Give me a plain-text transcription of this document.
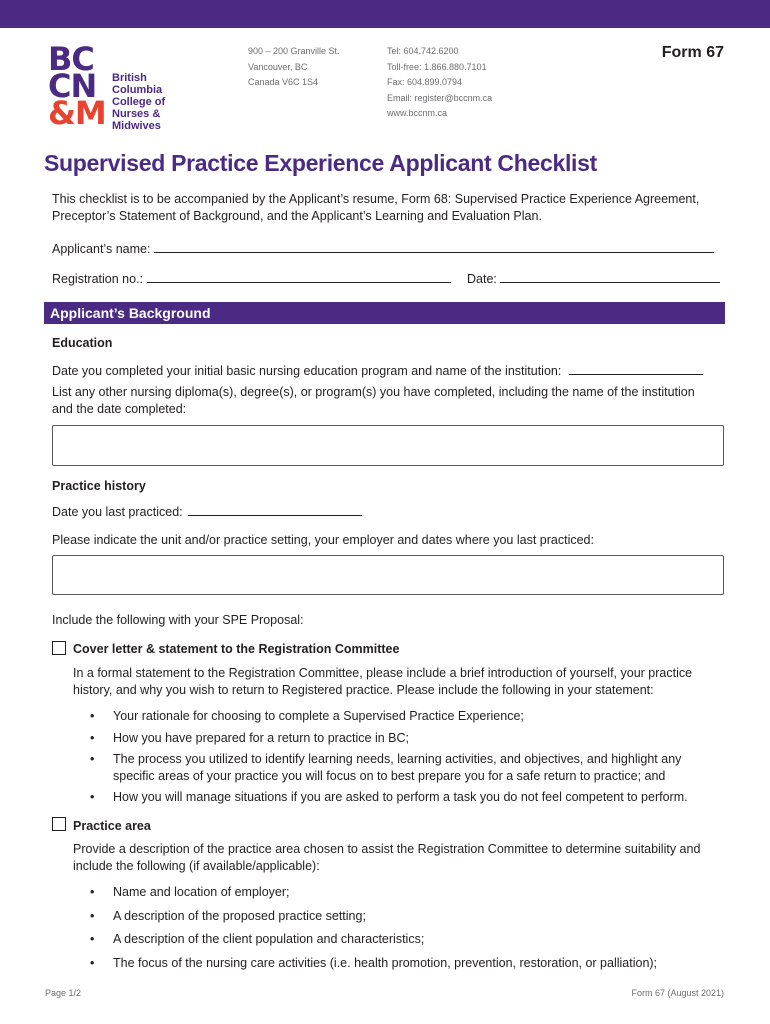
BC
CN
&M
British
Columbia
College of
Nurses &
Midwives
900 – 200 Granville St.
Vancouver, BC
Canada V6C 1S4
Tel: 604.742.6200
Toll-free: 1.866.880.7101
Fax: 604.899.0794
Email: register@bccnm.ca
www.bccnm.ca
Form 67
Supervised Practice Experience Applicant Checklist
This checklist is to be accompanied by the Applicant’s resume, Form 68: Supervised Practice Experience Agreement, Preceptor’s Statement of Background, and the Applicant’s Learning and Evaluation Plan.
Applicant’s name:
Registration no.:	Date:
Applicant’s Background
Education
Date you completed your initial basic nursing education program and name of the institution:
List any other nursing diploma(s), degree(s), or program(s) you have completed, including the name of the institution and the date completed:
Practice history
Date you last practiced:
Please indicate the unit and/or practice setting, your employer and dates where you last practiced:
Include the following with your SPE Proposal:
Cover letter & statement to the Registration Committee
In a formal statement to the Registration Committee, please include a brief introduction of yourself, your practice history, and why you wish to return to Registered practice. Please include the following in your statement:
• Your rationale for choosing to complete a Supervised Practice Experience;
• How you have prepared for a return to practice in BC;
• The process you utilized to identify learning needs, learning activities, and objectives, and highlight any specific areas of your practice you will focus on to best prepare you for a safe return to practice; and
• How you will manage situations if you are asked to perform a task you do not feel competent to perform.
Practice area
Provide a description of the practice area chosen to assist the Registration Committee to determine suitability and include the following (if available/applicable):
• Name and location of employer;
• A description of the proposed practice setting;
• A description of the client population and characteristics;
• The focus of the nursing care activities (i.e. health promotion, prevention, restoration, or palliation);
Page 1/2	Form 67 (August 2021)
